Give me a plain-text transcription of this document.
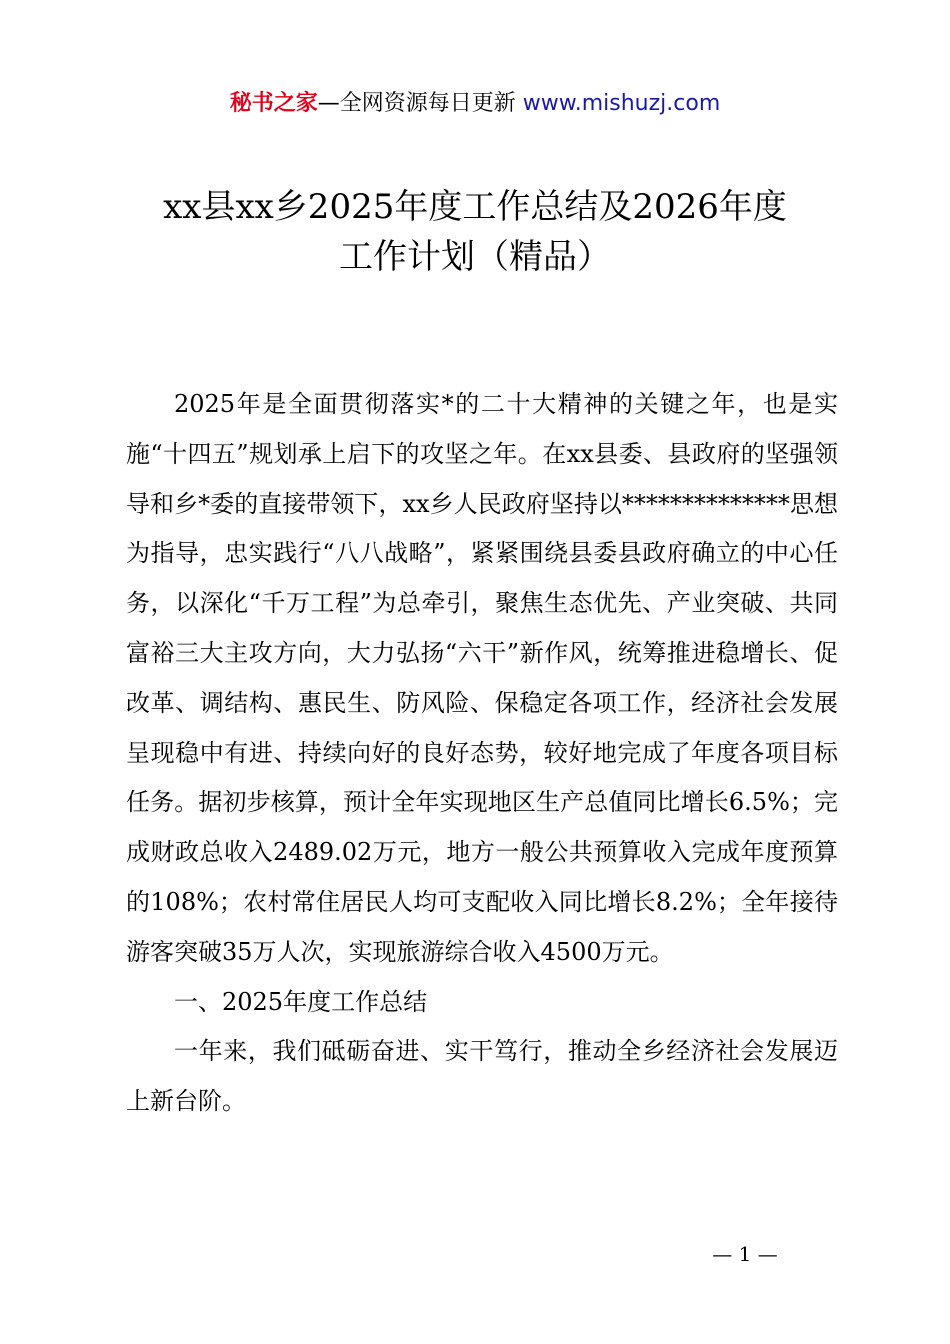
秘书之家—全网资源每日更新 www.mishuzj.com
xx县xx乡2025年度工作总结及2026年度
工作计划（精品）

2025年是全面贯彻落实*的二十大精神的关键之年，也是实施“十四五”规划承上启下的攻坚之年。在xx县委、县政府的坚强领导和乡*委的直接带领下，xx乡人民政府坚持以**************思想为指导，忠实践行“八八战略”，紧紧围绕县委县政府确立的中心任务，以深化“千万工程”为总牵引，聚焦生态优先、产业突破、共同富裕三大主攻方向，大力弘扬“六干”新作风，统筹推进稳增长、促改革、调结构、惠民生、防风险、保稳定各项工作，经济社会发展呈现稳中有进、持续向好的良好态势，较好地完成了年度各项目标任务。据初步核算，预计全年实现地区生产总值同比增长6.5%；完成财政总收入2489.02万元，地方一般公共预算收入完成年度预算的108%；农村常住居民人均可支配收入同比增长8.2%；全年接待游客突破35万人次，实现旅游综合收入4500万元。

一、2025年度工作总结

一年来，我们砥砺奋进、实干笃行，推动全乡经济社会发展迈上新台阶。

— 1 —
